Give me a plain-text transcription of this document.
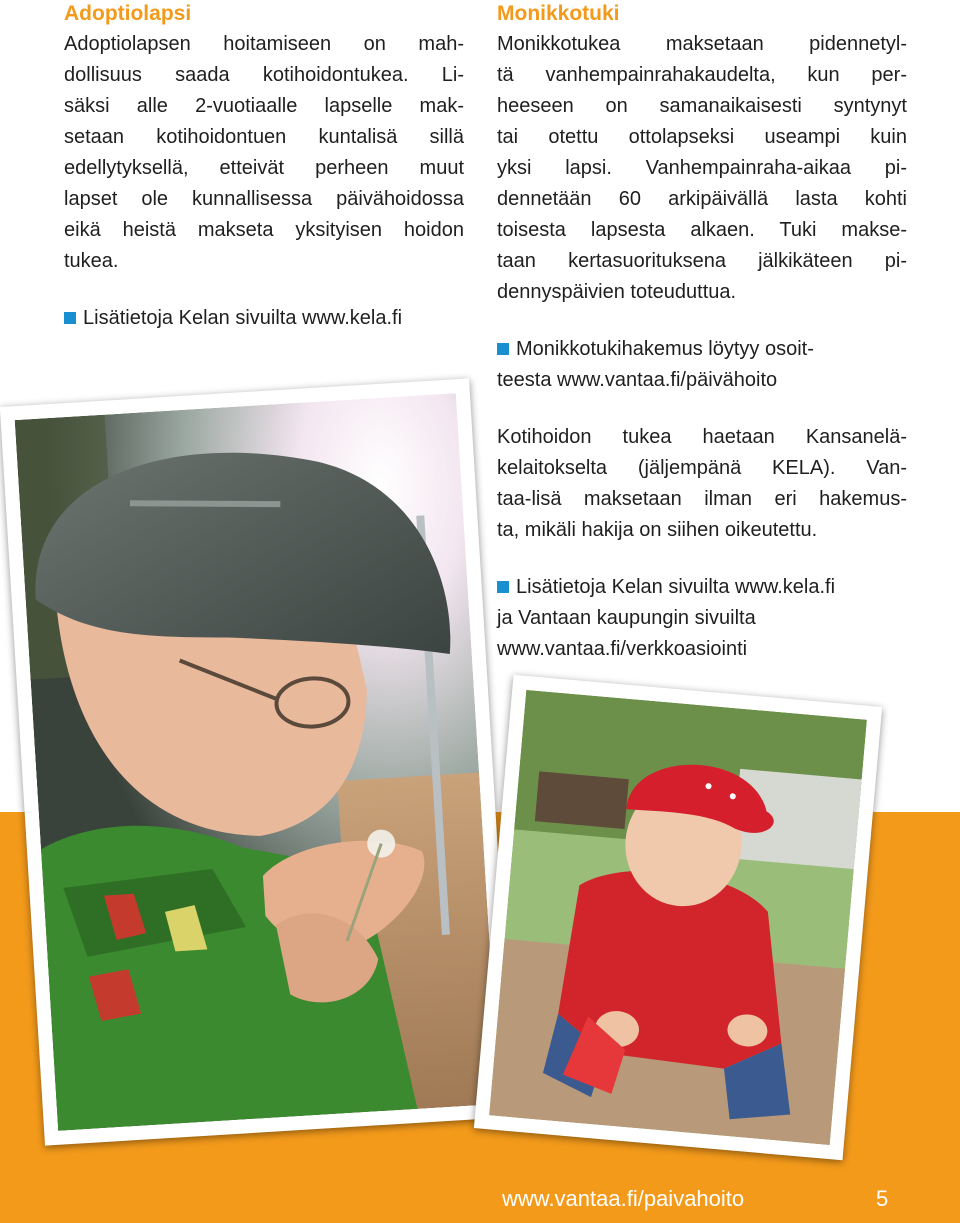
Adoptiolapsi

Adoptiolapsen hoitamiseen on mah-
dollisuus saada kotihoidontukea. Li-
säksi alle 2-vuotiaalle lapselle mak-
setaan kotihoidontuen kuntalisä sillä
edellytyksellä, etteivät perheen muut
lapset ole kunnallisessa päivähoidossa
eikä heistä makseta yksityisen hoidon
tukea.

Lisätietoja Kelan sivuilta www.kela.fi

Monikkotuki

Monikkotukea maksetaan pidennetyl-
tä vanhempainrahakaudelta, kun per-
heeseen on samanaikaisesti syntynyt
tai otettu ottolapseksi useampi kuin
yksi lapsi. Vanhempainraha-aikaa pi-
dennetään 60 arkipäivällä lasta kohti
toisesta lapsesta alkaen. Tuki makse-
taan kertasuorituksena jälkikäteen pi-
dennyspäivien toteuduttua.

Monikkotukihakemus löytyy osoit-
teesta www.vantaa.fi/päivähoito

Kotihoidon tukea haetaan Kansanelä-
kelaitokselta (jäljempänä KELA). Van-
taa-lisä maksetaan ilman eri hakemus-
ta, mikäli hakija on siihen oikeutettu.

Lisätietoja Kelan sivuilta www.kela.fi
ja Vantaan kaupungin sivuilta
www.vantaa.fi/verkkoasiointi

www.vantaa.fi/paivahoito	5
